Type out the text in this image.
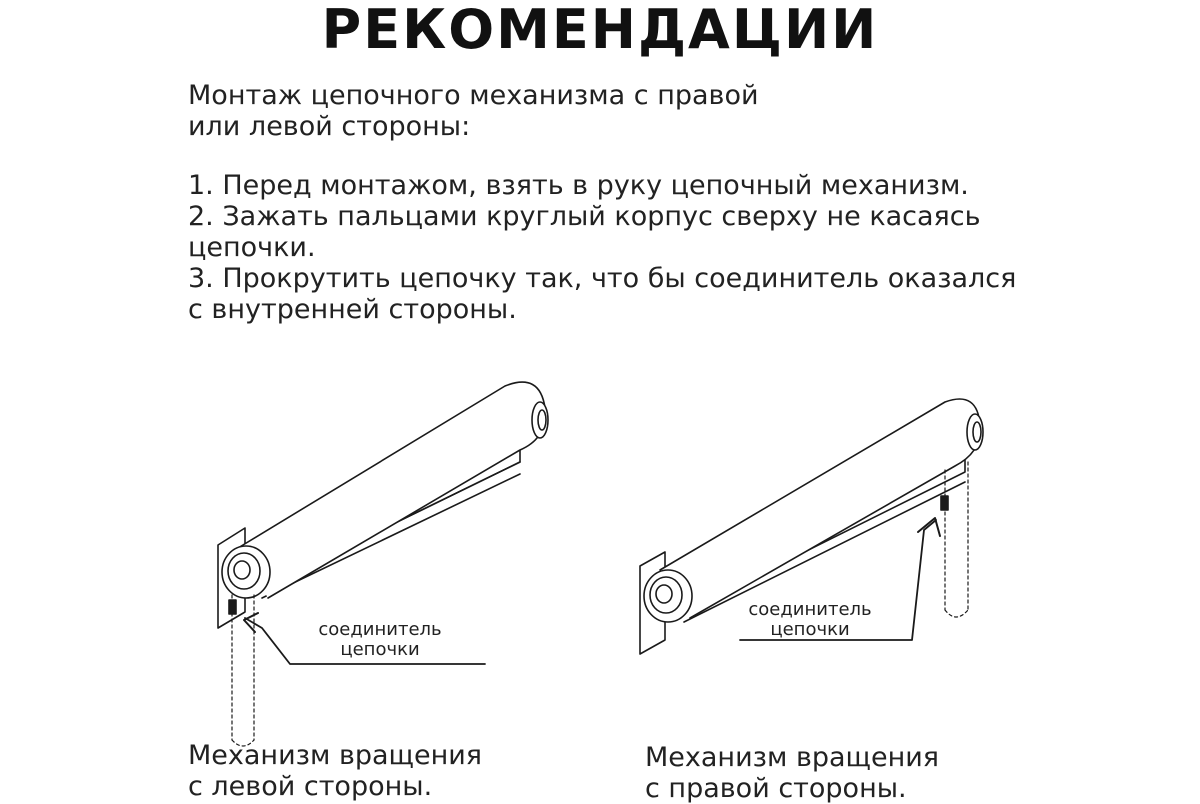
РЕКОМЕНДАЦИИ
Монтаж цепочного механизма с правой
или левой стороны:
1. Перед монтажом, взять в руку цепочный механизм.
2. Зажать пальцами круглый корпус сверху не касаясь
цепочки.
3. Прокрутить цепочку так, что бы соединитель оказался
с внутренней стороны.
соединитель
цепочки
соединитель
цепочки
Механизм вращения
с левой стороны.
Механизм вращения
с правой стороны.
